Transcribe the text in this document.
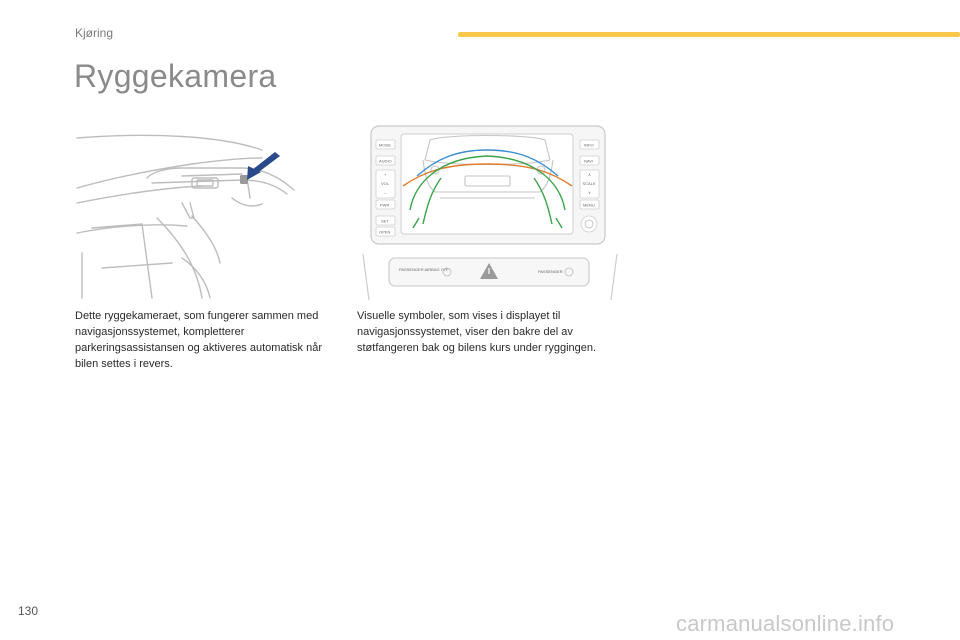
Kjøring
Ryggekamera
MODE
AUDIO
+
VOL
–
PWR
SET
OPEN
INFO
NAVI
∧
SCALE
∨
MENU
PASSENGER AIRBAG OFF	PASSENGER

Dette ryggekameraet, som fungerer sammen med navigasjonssystemet, kompletterer parkeringsassistansen og aktiveres automatisk når bilen settes i revers.

Visuelle symboler, som vises i displayet til navigasjonssystemet, viser den bakre del av støtfangeren bak og bilens kurs under ryggingen.

130	carmanualsonline.info
